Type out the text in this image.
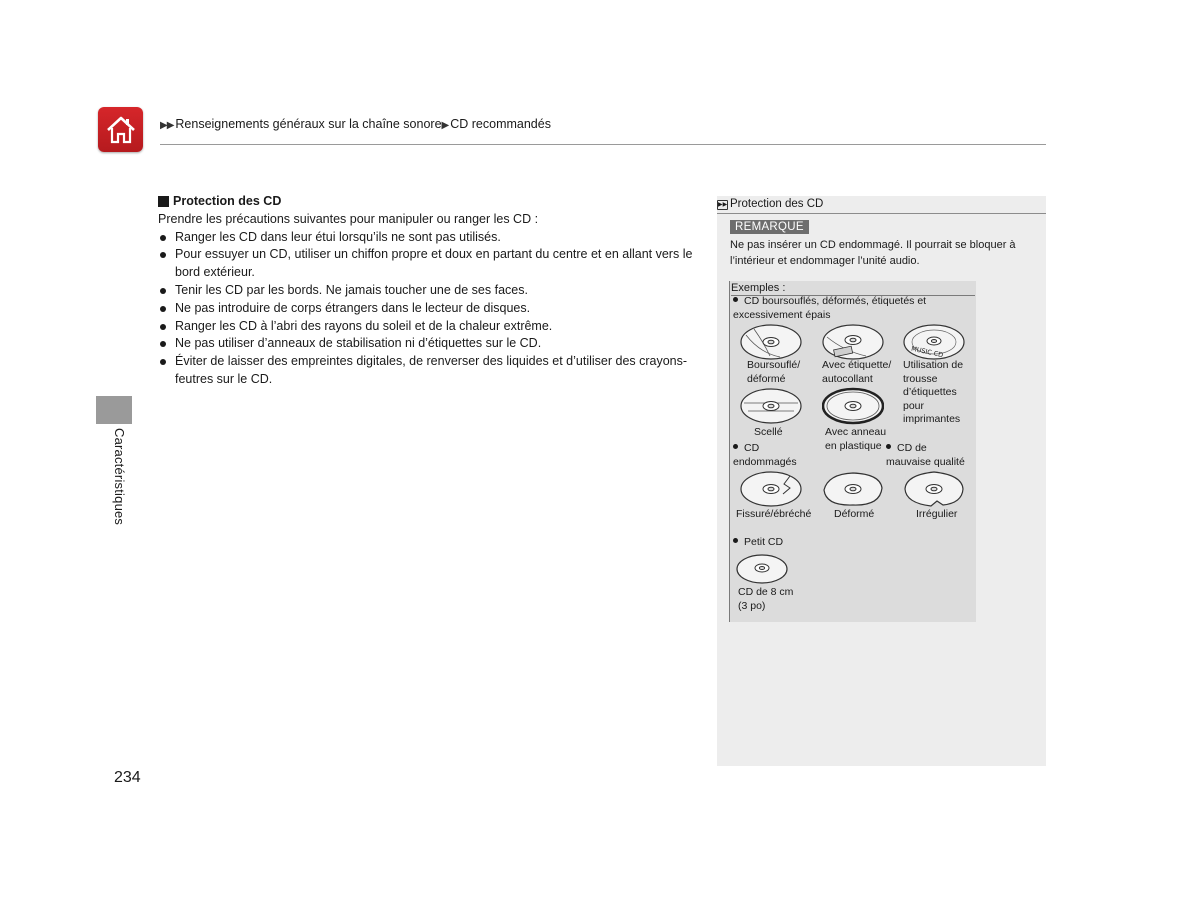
▶▶ Renseignements généraux sur la chaîne sonore▶ CD recommandés
Caractéristiques
Protection des CD
Prendre les précautions suivantes pour manipuler ou ranger les CD :
Ranger les CD dans leur étui lorsqu’ils ne sont pas utilisés.
Pour essuyer un CD, utiliser un chiffon propre et doux en partant du centre et en allant vers le bord extérieur.
Tenir les CD par les bords. Ne jamais toucher une de ses faces.
Ne pas introduire de corps étrangers dans le lecteur de disques.
Ranger les CD à l’abri des rayons du soleil et de la chaleur extrême.
Ne pas utiliser d’anneaux de stabilisation ni d’étiquettes sur le CD.
Éviter de laisser des empreintes digitales, de renverser des liquides et d’utiliser des crayons-feutres sur le CD.
▶▶ Protection des CD
REMARQUE
Ne pas insérer un CD endommagé. Il pourrait se bloquer à l’intérieur et endommager l’unité audio.
Exemples :
CD boursouflés, déformés, étiquetés et excessivement épais
MUSIC CD
Boursouflé/ déformé
Avec étiquette/ autocollant
Utilisation de trousse d’étiquettes pour imprimantes
Scellé	Avec anneau en plastique
CD endommagés
CD de mauvaise qualité
Fissuré/ébréché Déformé	Irrégulier
Petit CD
CD de 8 cm
(3 po)
234
